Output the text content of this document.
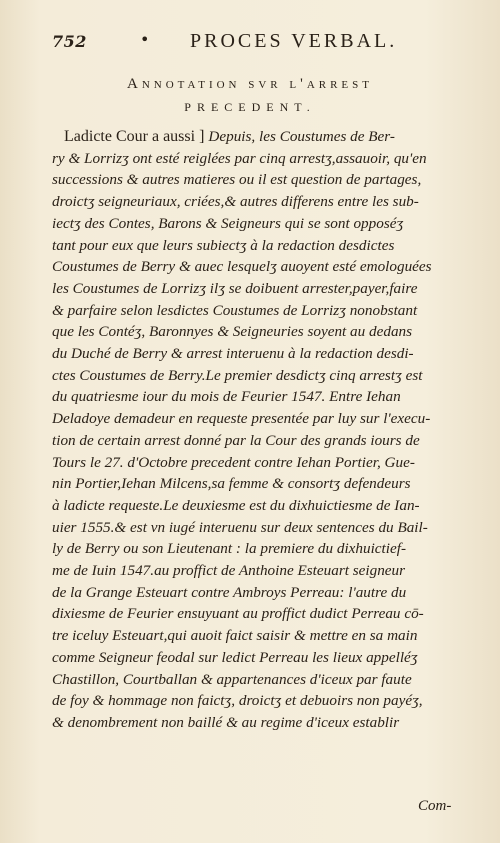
752	• PROCES VERBAL.
Annotation svr l'arrest
PRECEDENT.
Ladicte Cour a aussi ] Depuis, les Coustumes de Ber-
ry & Lorrizʒ ont esté reiglées par cinq arrestʒ,assauoir, qu'en
successions & autres matieres ou il est question de partages,
droictʒ seigneuriaux, criées,& autres differens entre les sub-
iectʒ des Contes, Barons & Seigneurs qui se sont opposéʒ
tant pour eux que leurs subiectʒ à la redaction desdictes
Coustumes de Berry & auec lesquelʒ auoyent esté emologuées
les Coustumes de Lorrizʒ ilʒ se doibuent arrester,payer,faire
& parfaire selon lesdictes Coustumes de Lorrizʒ nonobstant
que les Contéʒ, Baronnyes & Seigneuries soyent au dedans
du Duché de Berry & arrest interuenu à la redaction desdi-
ctes Coustumes de Berry.Le premier desdictʒ cinq arrestʒ est
du quatriesme iour du mois de Feurier 1547. Entre Iehan
Deladoye demadeur en requeste presentée par luy sur l'execu-
tion de certain arrest donné par la Cour des grands iours de
Tours le 27. d'Octobre precedent contre Iehan Portier, Gue-
nin Portier,Iehan Milcens,sa femme & consortʒ defendeurs
à ladicte requeste.Le deuxiesme est du dixhuictiesme de Ian-
uier 1555.& est vn iugé interuenu sur deux sentences du Bail-
ly de Berry ou son Lieutenant : la premiere du dixhuictief-
me de Iuin 1547.au proffict de Anthoine Esteuart seigneur
de la Grange Esteuart contre Ambroys Perreau: l'autre du
dixiesme de Feurier ensuyuant au proffict dudict Perreau cō-
tre iceluy Esteuart,qui auoit faict saisir & mettre en sa main
comme Seigneur feodal sur ledict Perreau les lieux appelléʒ
Chastillon, Courtballan & appartenances d'iceux par faute
de foy & hommage non faictʒ, droictʒ et debuoirs non payéʒ,
& denombrement non baillé & au regime d'iceux establir
Com-
